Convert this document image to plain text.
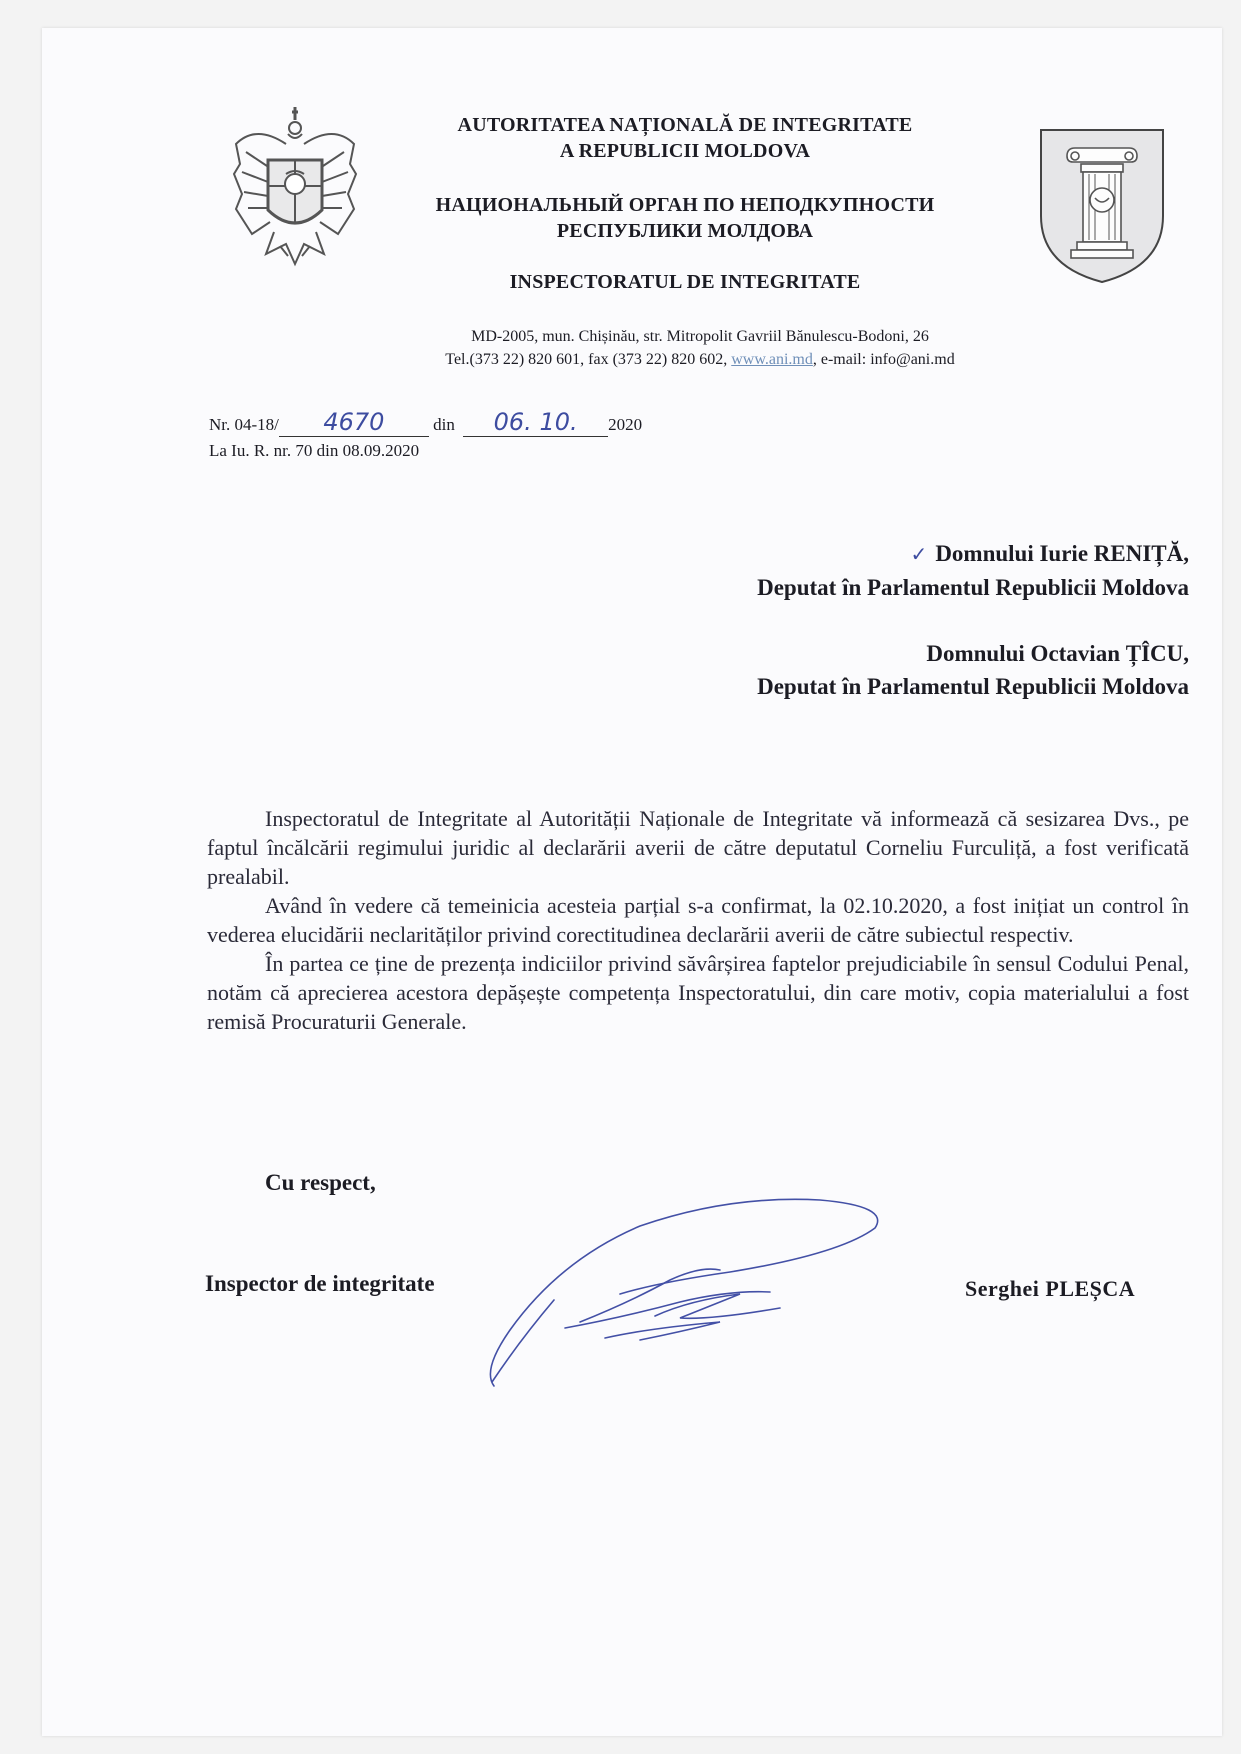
AUTORITATEA NAȚIONALĂ DE INTEGRITATE
A REPUBLICII MOLDOVA
НАЦИОНАЛЬНЫЙ ОРГАН ПО НЕПОДКУПНОСТИ
РЕСПУБЛИКИ МОЛДОВА
INSPECTORATUL DE INTEGRITATE
MD-2005, mun. Chișinău, str. Mitropolit Gavriil Bănulescu-Bodoni, 26
Tel.(373 22) 820 601, fax (373 22) 820 602, www.ani.md, e-mail: info@ani.md
Nr. 04-18/ 4670	din 06. 10. 2020
La Iu. R. nr. 70 din 08.09.2020
✓ Domnului Iurie RENIȚĂ,
Deputat în Parlamentul Republicii Moldova
Domnului Octavian ȚÎCU,
Deputat în Parlamentul Republicii Moldova

Inspectoratul de Integritate al Autorității Naționale de Integritate vă informează că sesizarea Dvs., pe faptul încălcării regimului juridic al declarării averii de către deputatul Corneliu Furculiță, a fost verificată prealabil.

Având în vedere că temeinicia acesteia parțial s-a confirmat, la 02.10.2020, a fost inițiat un control în vederea elucidării neclarităților privind corectitudinea declarării averii de către subiectul respectiv.

În partea ce ține de prezența indiciilor privind săvârșirea faptelor prejudiciabile în sensul Codului Penal, notăm că aprecierea acestora depășește competența Inspectoratului, din care motiv, copia materialului a fost remisă Procuraturii Generale.

Cu respect,
Inspector de integritate	Serghei PLEȘCA
